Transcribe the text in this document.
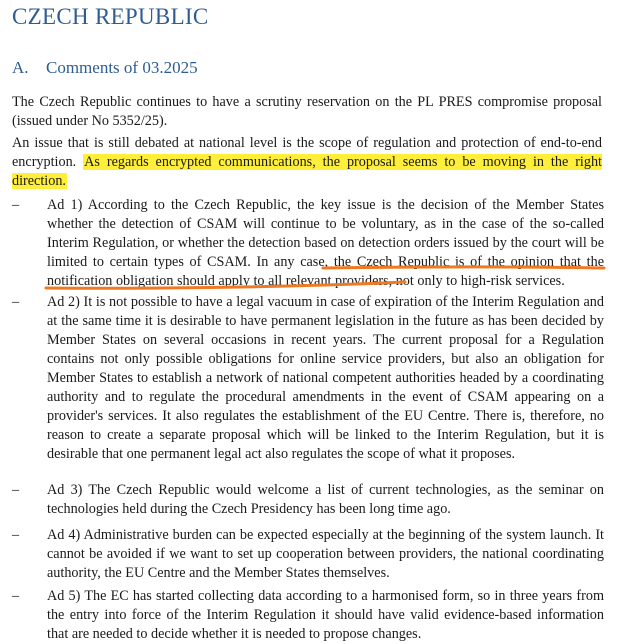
CZECH REPUBLIC
A. Comments of 03.2025

The Czech Republic continues to have a scrutiny reservation on the PL PRES compromise proposal (issued under No 5352/25).

An issue that is still debated at national level is the scope of regulation and protection of end-to-end encryption. As regards encrypted communications, the proposal seems to be moving in the right direction.

–	Ad 1) According to the Czech Republic, the key issue is the decision of the Member States whether the detection of CSAM will continue to be voluntary, as in the case of the so-called Interim Regulation, or whether the detection based on detection orders issued by the court will be limited to certain types of CSAM. In any case, the Czech Republic is of the opinion that the notification obligation should apply to all relevant providers, not only to high-risk services.
–	Ad 2) It is not possible to have a legal vacuum in case of expiration of the Interim Regulation and at the same time it is desirable to have permanent legislation in the future as has been decided by Member States on several occasions in recent years. The current proposal for a Regulation contains not only possible obligations for online service providers, but also an obligation for Member States to establish a network of national competent authorities headed by a coordinating authority and to regulate the procedural amendments in the event of CSAM appearing on a provider's services. It also regulates the establishment of the EU Centre. There is, therefore, no reason to create a separate proposal which will be linked to the Interim Regulation, but it is desirable that one permanent legal act also regulates the scope of what it proposes.
–	Ad 3) The Czech Republic would welcome a list of current technologies, as the seminar on technologies held during the Czech Presidency has been long time ago.
–	Ad 4) Administrative burden can be expected especially at the beginning of the system launch. It cannot be avoided if we want to set up cooperation between providers, the national coordinating authority, the EU Centre and the Member States themselves.
–	Ad 5) The EC has started collecting data according to a harmonised form, so in three years from the entry into force of the Interim Regulation it should have valid evidence-based information that are needed to decide whether it is needed to propose changes.
